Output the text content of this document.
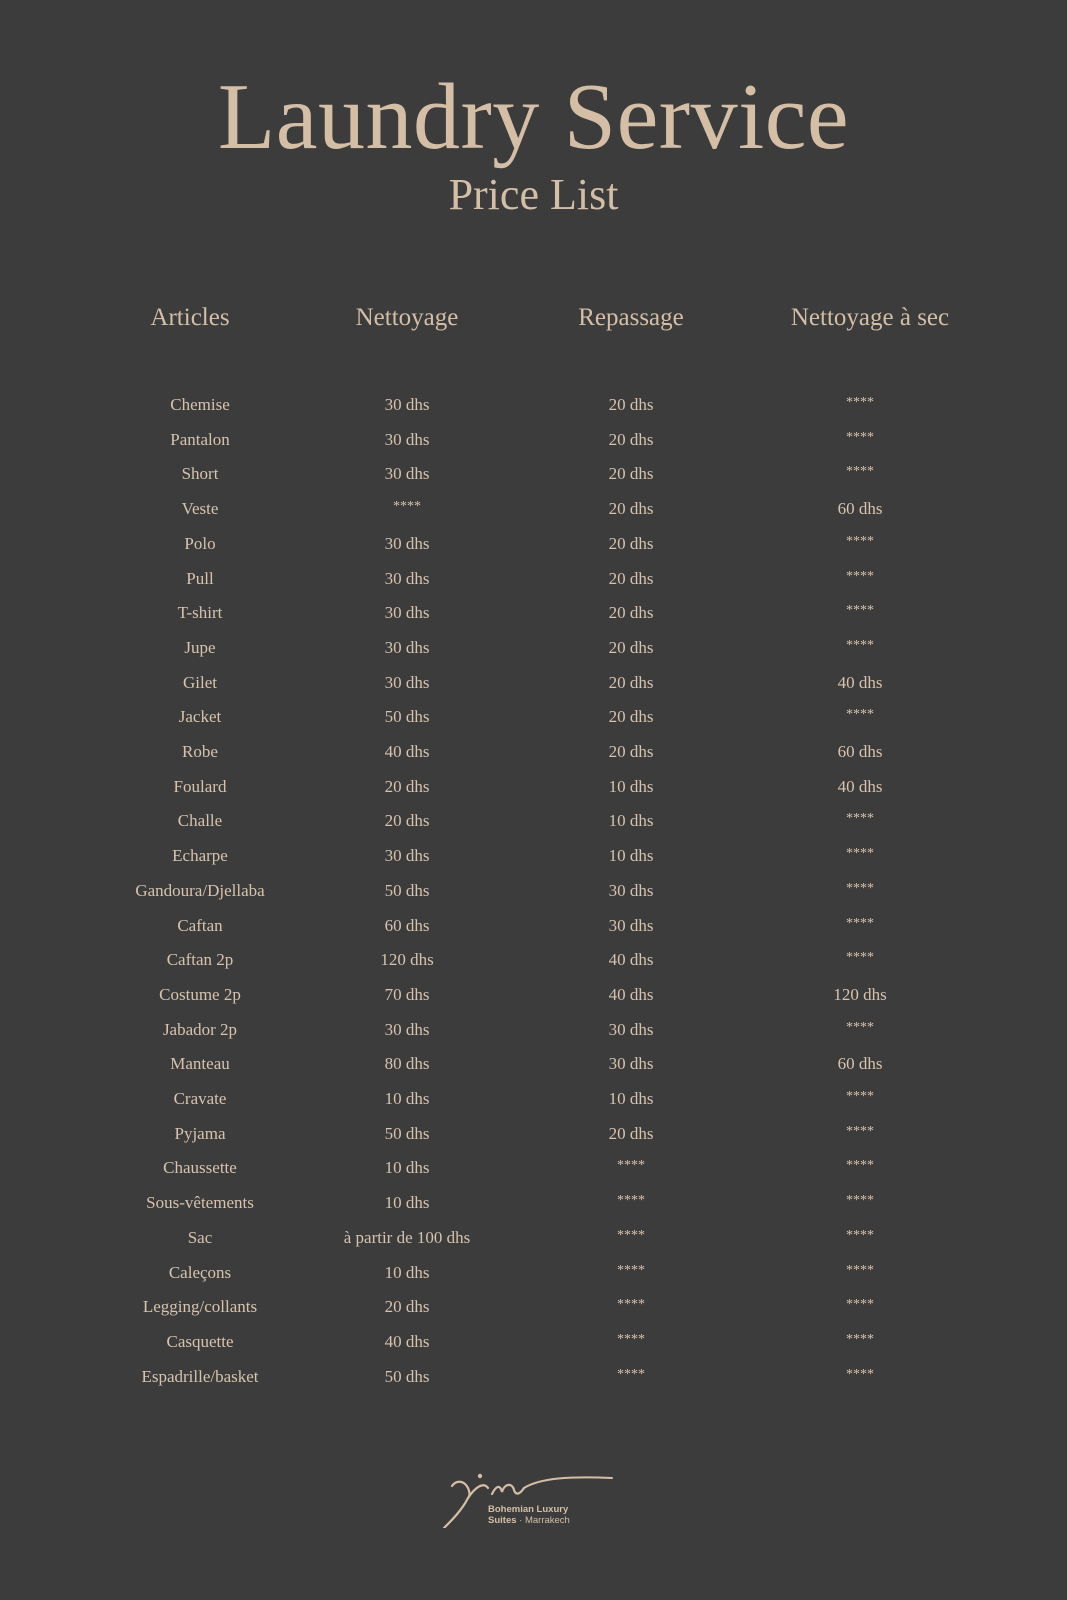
Laundry Service
Price List
Articles	Nettoyage	Repassage	Nettoyage à sec
Chemise	30 dhs	20 dhs	****
Pantalon	30 dhs	20 dhs	****
Short	30 dhs	20 dhs	****
Veste	****	20 dhs	60 dhs
Polo	30 dhs	20 dhs	****
Pull	30 dhs	20 dhs	****
T-shirt	30 dhs	20 dhs	****
Jupe	30 dhs	20 dhs	****
Gilet	30 dhs	20 dhs	40 dhs
Jacket	50 dhs	20 dhs	****
Robe	40 dhs	20 dhs	60 dhs
Foulard	20 dhs	10 dhs	40 dhs
Challe	20 dhs	10 dhs	****
Echarpe	30 dhs	10 dhs	****
Gandoura/Djellaba	50 dhs	30 dhs	****
Caftan	60 dhs	30 dhs	****
Caftan 2p	120 dhs	40 dhs	****
Costume 2p	70 dhs	40 dhs	120 dhs
Jabador 2p	30 dhs	30 dhs	****
Manteau	80 dhs	30 dhs	60 dhs
Cravate	10 dhs	10 dhs	****
Pyjama	50 dhs	20 dhs	****
Chaussette	10 dhs	****	****
Sous-vêtements	10 dhs	****	****
Sac	à partir de 100 dhs	****	****
Caleçons	10 dhs	****	****
Legging/collants	20 dhs	****	****
Casquette	40 dhs	****	****
Espadrille/basket	50 dhs	****	****
Bohemian Luxury
Suites · Marrakech
